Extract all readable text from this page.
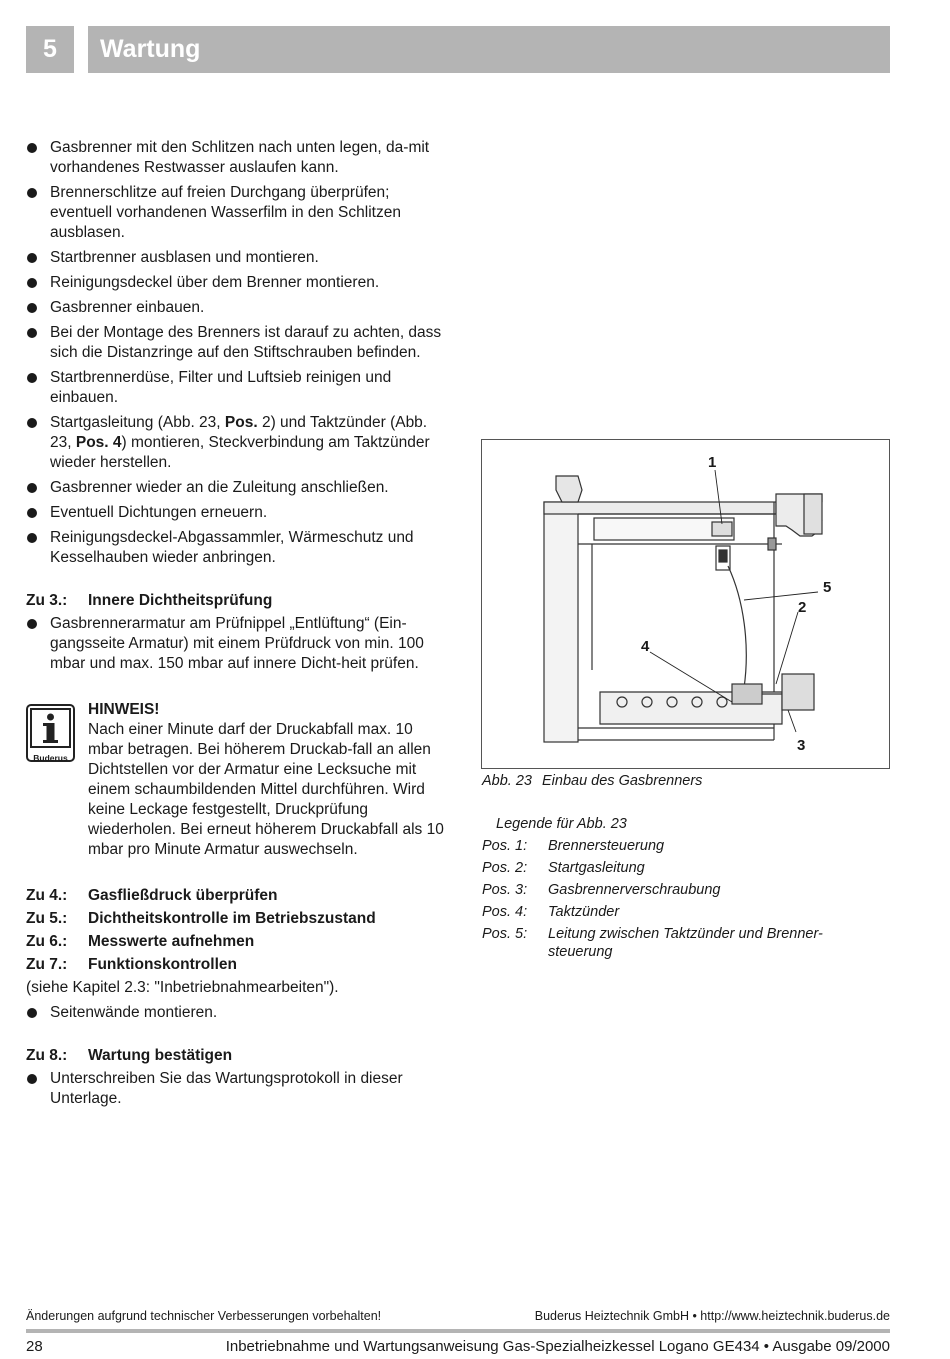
5	Wartung
Gasbrenner mit den Schlitzen nach unten legen, da-mit vorhandenes Restwasser auslaufen kann.
Brennerschlitze auf freien Durchgang überprüfen; eventuell vorhandenen Wasserfilm in den Schlitzen ausblasen.
Startbrenner ausblasen und montieren.
Reinigungsdeckel über dem Brenner montieren.
Gasbrenner einbauen.
Bei der Montage des Brenners ist darauf zu achten, dass sich die Distanzringe auf den Stiftschrauben befinden.
Startbrennerdüse, Filter und Luftsieb reinigen und einbauen.
Startgasleitung (Abb. 23, Pos. 2) und Taktzünder (Abb. 23, Pos. 4) montieren, Steckverbindung am Taktzünder wieder herstellen.
Gasbrenner wieder an die Zuleitung anschließen.
Eventuell Dichtungen erneuern.
Reinigungsdeckel-Abgassammler, Wärmeschutz und Kesselhauben wieder anbringen.
Zu 3.:	Innere Dichtheitsprüfung
Gasbrennerarmatur am Prüfnippel „Entlüftung“ (Ein-gangsseite Armatur) mit einem Prüfdruck von min. 100 mbar und max. 150 mbar auf innere Dicht-heit prüfen.
Buderus
HINWEIS!
Nach einer Minute darf der Druckabfall max. 10 mbar betragen. Bei höherem Druckab-fall an allen Dichtstellen vor der Armatur eine Lecksuche mit einem schaumbildenden Mittel durchführen. Wird keine Leckage festgestellt, Druckprüfung wiederholen. Bei erneut höherem Druckabfall als 10 mbar pro Minute Armatur auswechseln.
Zu 4.:	Gasfließdruck überprüfen
Zu 5.:	Dichtheitskontrolle im Betriebszustand
Zu 6.:	Messwerte aufnehmen
Zu 7.:	Funktionskontrollen
(siehe Kapitel 2.3: "Inbetriebnahmearbeiten").
Seitenwände montieren.
Zu 8.:	Wartung bestätigen
Unterschreiben Sie das Wartungsprotokoll in dieser Unterlage.
1
5
2
4
3
Abb. 23 Einbau des Gasbrenners
Legende für Abb. 23
Pos. 1:	Brennersteuerung
Pos. 2:	Startgasleitung
Pos. 3:	Gasbrennerverschraubung
Pos. 4:	Taktzünder
Pos. 5:	Leitung zwischen Taktzünder und Brenner-steuerung
Änderungen aufgrund technischer Verbesserungen vorbehalten!	Buderus Heiztechnik GmbH • http://www.heiztechnik.buderus.de
28	Inbetriebnahme und Wartungsanweisung Gas-Spezialheizkessel Logano GE434 • Ausgabe 09/2000
